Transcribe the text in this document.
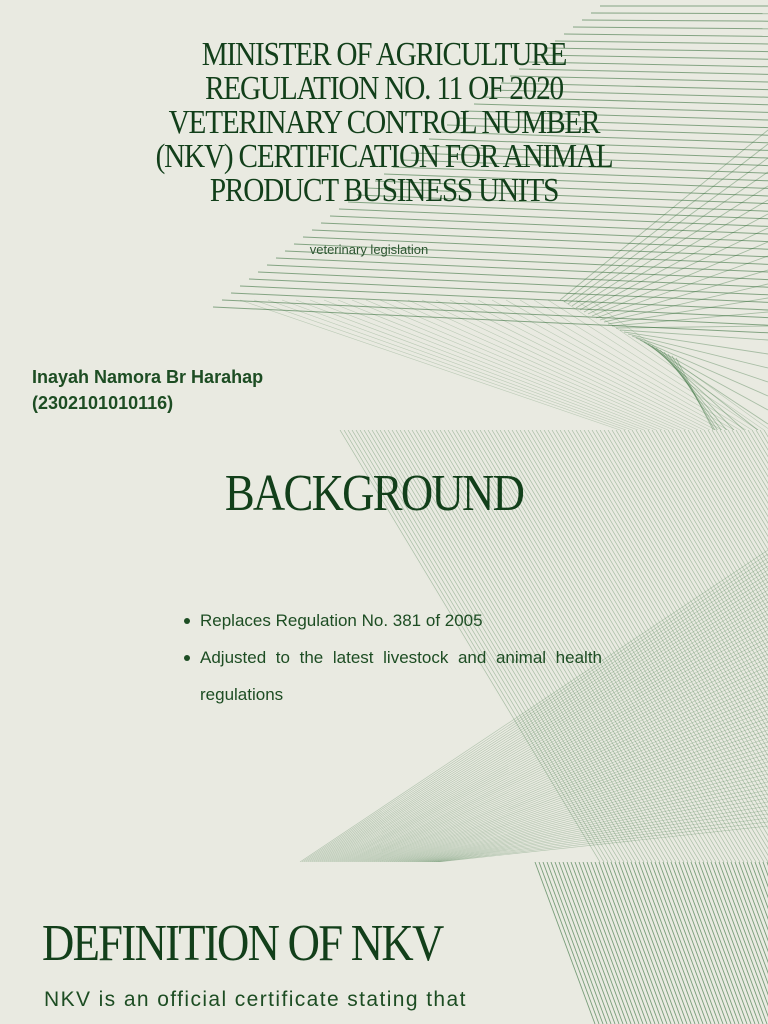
MINISTER OF AGRICULTURE
REGULATION NO. 11 OF 2020
VETERINARY CONTROL NUMBER
(NKV) CERTIFICATION FOR ANIMAL
PRODUCT BUSINESS UNITS
veterinary legislation
Inayah Namora Br Harahap
(2302101010116)
BACKGROUND
Replaces Regulation No. 381 of 2005
Adjusted to the latest livestock and animal health regulations
DEFINITION OF NKV
NKV is an official certificate stating that
